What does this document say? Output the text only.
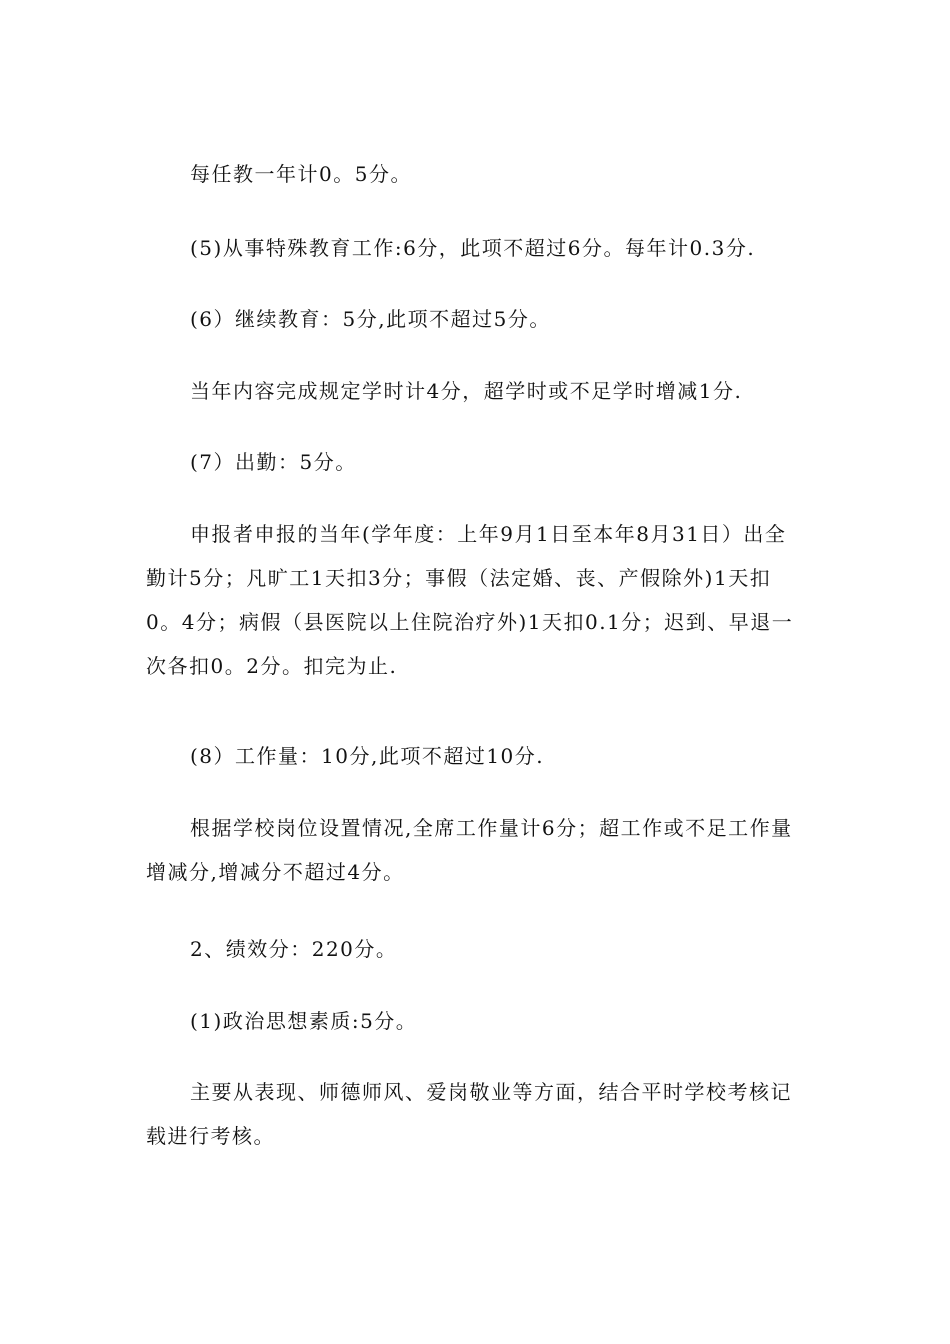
每任教一年计0。5分。

(5)从事特殊教育工作:6分，此项不超过6分。每年计0.3分.

(6）继续教育：5分,此项不超过5分。

当年内容完成规定学时计4分，超学时或不足学时增减1分.

(7）出勤：5分。

申报者申报的当年(学年度：上年9月1日至本年8月31日）出全勤计5分；凡旷工1天扣3分；事假（法定婚、丧、产假除外)1天扣0。4分；病假（县医院以上住院治疗外)1天扣0.1分；迟到、早退一次各扣0。2分。扣完为止.

(8）工作量：10分,此项不超过10分.

根据学校岗位设置情况,全席工作量计6分；超工作或不足工作量增减分,增减分不超过4分。

2、绩效分：220分。

(1)政治思想素质:5分。

主要从表现、师德师风、爱岗敬业等方面，结合平时学校考核记载进行考核。
